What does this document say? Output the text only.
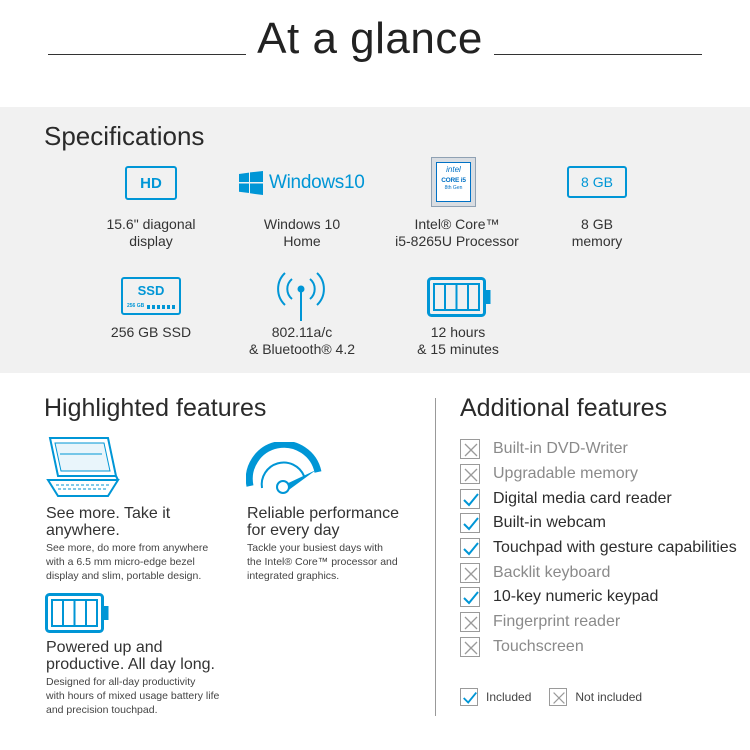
At a glance
Specifications
HD
15.6" diagonal
display
Windows10
Windows 10
Home
intel
CORE i5
8th Gen
Intel® Core™
i5-8265U Processor
8 GB
8 GB
memory
SSD
256 GB
256 GB SSD	802.11a/c
& Bluetooth® 4.2
12 hours
& 15 minutes
Highlighted features
See more. Take it
anywhere.
See more, do more from anywhere
with a 6.5 mm micro-edge bezel
display and slim, portable design.
Reliable performance
for every day
Tackle your busiest days with
the Intel® Core™ processor and
integrated graphics.
Powered up and
productive. All day long.
Designed for all-day productivity
with hours of mixed usage battery life
and precision touchpad.
Additional features
Built-in DVD-Writer
Upgradable memory
Digital media card reader
Built-in webcam
Touchpad with gesture capabilities
Backlit keyboard
10-key numeric keypad
Fingerprint reader
Touchscreen
Included	Not included
